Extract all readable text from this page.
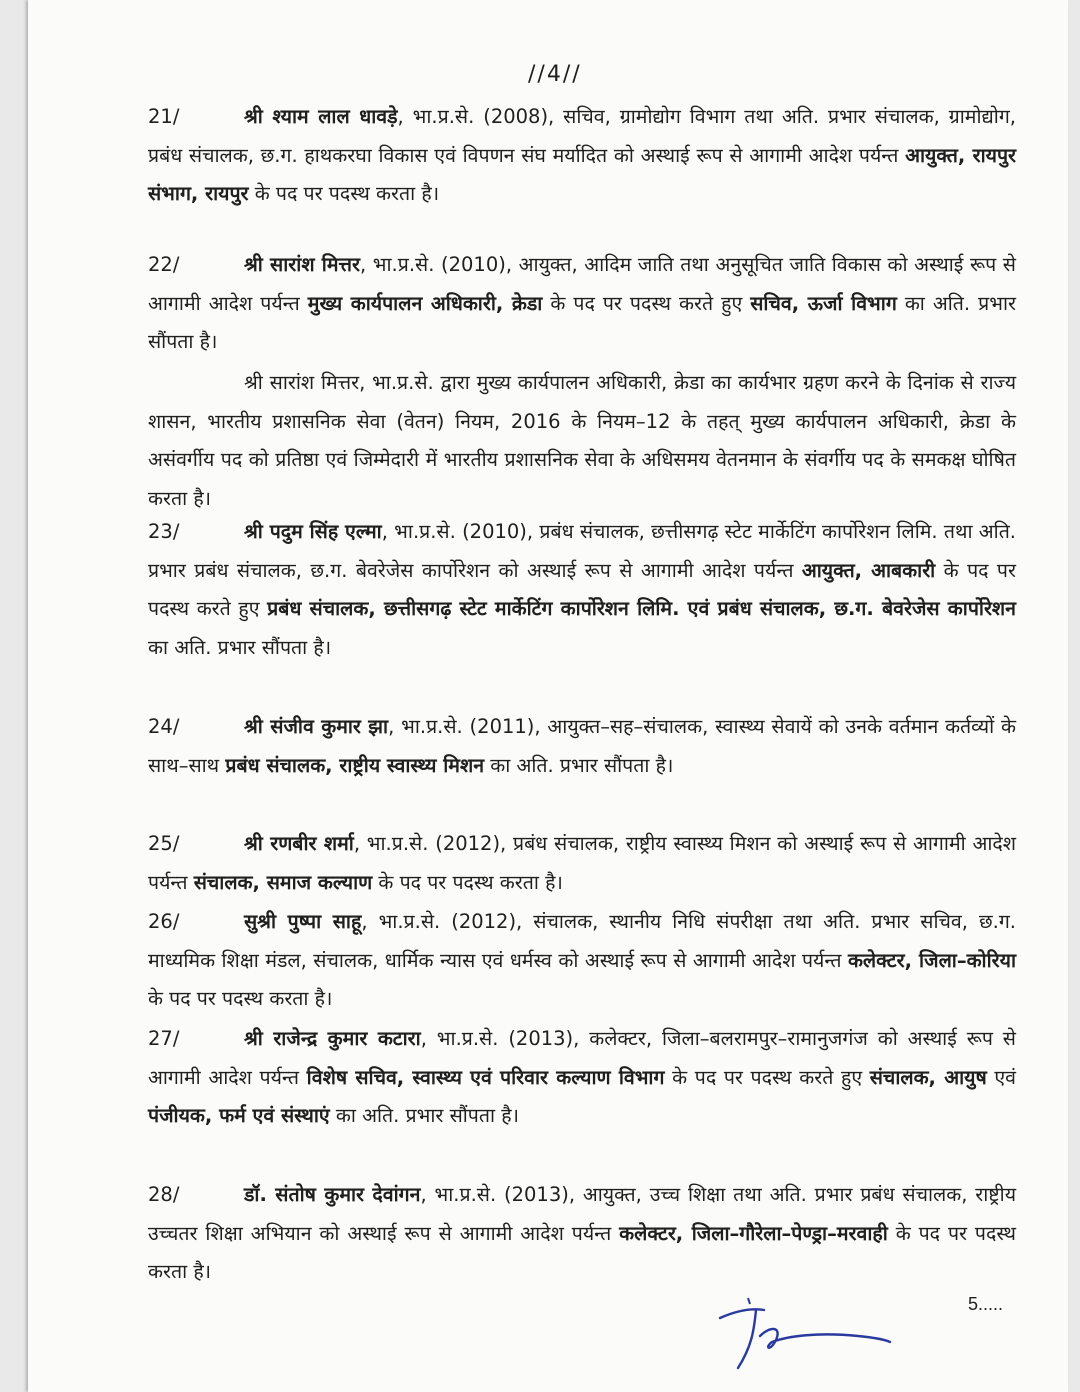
//4//
21/	श्री श्याम लाल धावड़े, भा.प्र.से. (2008), सचिव, ग्रामोद्योग विभाग तथा अति. प्रभार संचालक, ग्रामोद्योग, प्रबंध संचालक, छ.ग. हाथकरघा विकास एवं विपणन संघ मर्यादित को अस्थाई रूप से आगामी आदेश पर्यन्त आयुक्त, रायपुर संभाग, रायपुर के पद पर पदस्थ करता है।
22/	श्री सारांश मित्तर, भा.प्र.से. (2010), आयुक्त, आदिम जाति तथा अनुसूचित जाति विकास को अस्थाई रूप से आगामी आदेश पर्यन्त मुख्य कार्यपालन अधिकारी, क्रेडा के पद पर पदस्थ करते हुए सचिव, ऊर्जा विभाग का अति. प्रभार सौंपता है।
श्री सारांश मित्तर, भा.प्र.से. द्वारा मुख्य कार्यपालन अधिकारी, क्रेडा का कार्यभार ग्रहण करने के दिनांक से राज्य शासन, भारतीय प्रशासनिक सेवा (वेतन) नियम, 2016 के नियम–12 के तहत् मुख्य कार्यपालन अधिकारी, क्रेडा के असंवर्गीय पद को प्रतिष्ठा एवं जिम्मेदारी में भारतीय प्रशासनिक सेवा के अधिसमय वेतनमान के संवर्गीय पद के समकक्ष घोषित करता है।
23/	श्री पदुम सिंह एल्मा, भा.प्र.से. (2010), प्रबंध संचालक, छत्तीसगढ़ स्टेट मार्केटिंग कार्पोरेशन लिमि. तथा अति. प्रभार प्रबंध संचालक, छ.ग. बेवरेजेस कार्पोरेशन को अस्थाई रूप से आगामी आदेश पर्यन्त आयुक्त, आबकारी के पद पर पदस्थ करते हुए प्रबंध संचालक, छत्तीसगढ़ स्टेट मार्केटिंग कार्पोरेशन लिमि. एवं प्रबंध संचालक, छ.ग. बेवरेजेस कार्पोरेशन का अति. प्रभार सौंपता है।
24/	श्री संजीव कुमार झा, भा.प्र.से. (2011), आयुक्त–सह–संचालक, स्वास्थ्य सेवायें को उनके वर्तमान कर्तव्यों के साथ–साथ प्रबंध संचालक, राष्ट्रीय स्वास्थ्य मिशन का अति. प्रभार सौंपता है।
25/	श्री रणबीर शर्मा, भा.प्र.से. (2012), प्रबंध संचालक, राष्ट्रीय स्वास्थ्य मिशन को अस्थाई रूप से आगामी आदेश पर्यन्त संचालक, समाज कल्याण के पद पर पदस्थ करता है।
26/	सुश्री पुष्पा साहू, भा.प्र.से. (2012), संचालक, स्थानीय निधि संपरीक्षा तथा अति. प्रभार सचिव, छ.ग. माध्यमिक शिक्षा मंडल, संचालक, धार्मिक न्यास एवं धर्मस्व को अस्थाई रूप से आगामी आदेश पर्यन्त कलेक्टर, जिला–कोरिया के पद पर पदस्थ करता है।
27/	श्री राजेन्द्र कुमार कटारा, भा.प्र.से. (2013), कलेक्टर, जिला–बलरामपुर–रामानुजगंज को अस्थाई रूप से आगामी आदेश पर्यन्त विशेष सचिव, स्वास्थ्य एवं परिवार कल्याण विभाग के पद पर पदस्थ करते हुए संचालक, आयुष एवं पंजीयक, फर्म एवं संस्थाएं का अति. प्रभार सौंपता है।
28/	डॉ. संतोष कुमार देवांगन, भा.प्र.से. (2013), आयुक्त, उच्च शिक्षा तथा अति. प्रभार प्रबंध संचालक, राष्ट्रीय उच्चतर शिक्षा अभियान को अस्थाई रूप से आगामी आदेश पर्यन्त कलेक्टर, जिला–गौरेला–पेण्ड्रा–मरवाही के पद पर पदस्थ करता है।
5.....
